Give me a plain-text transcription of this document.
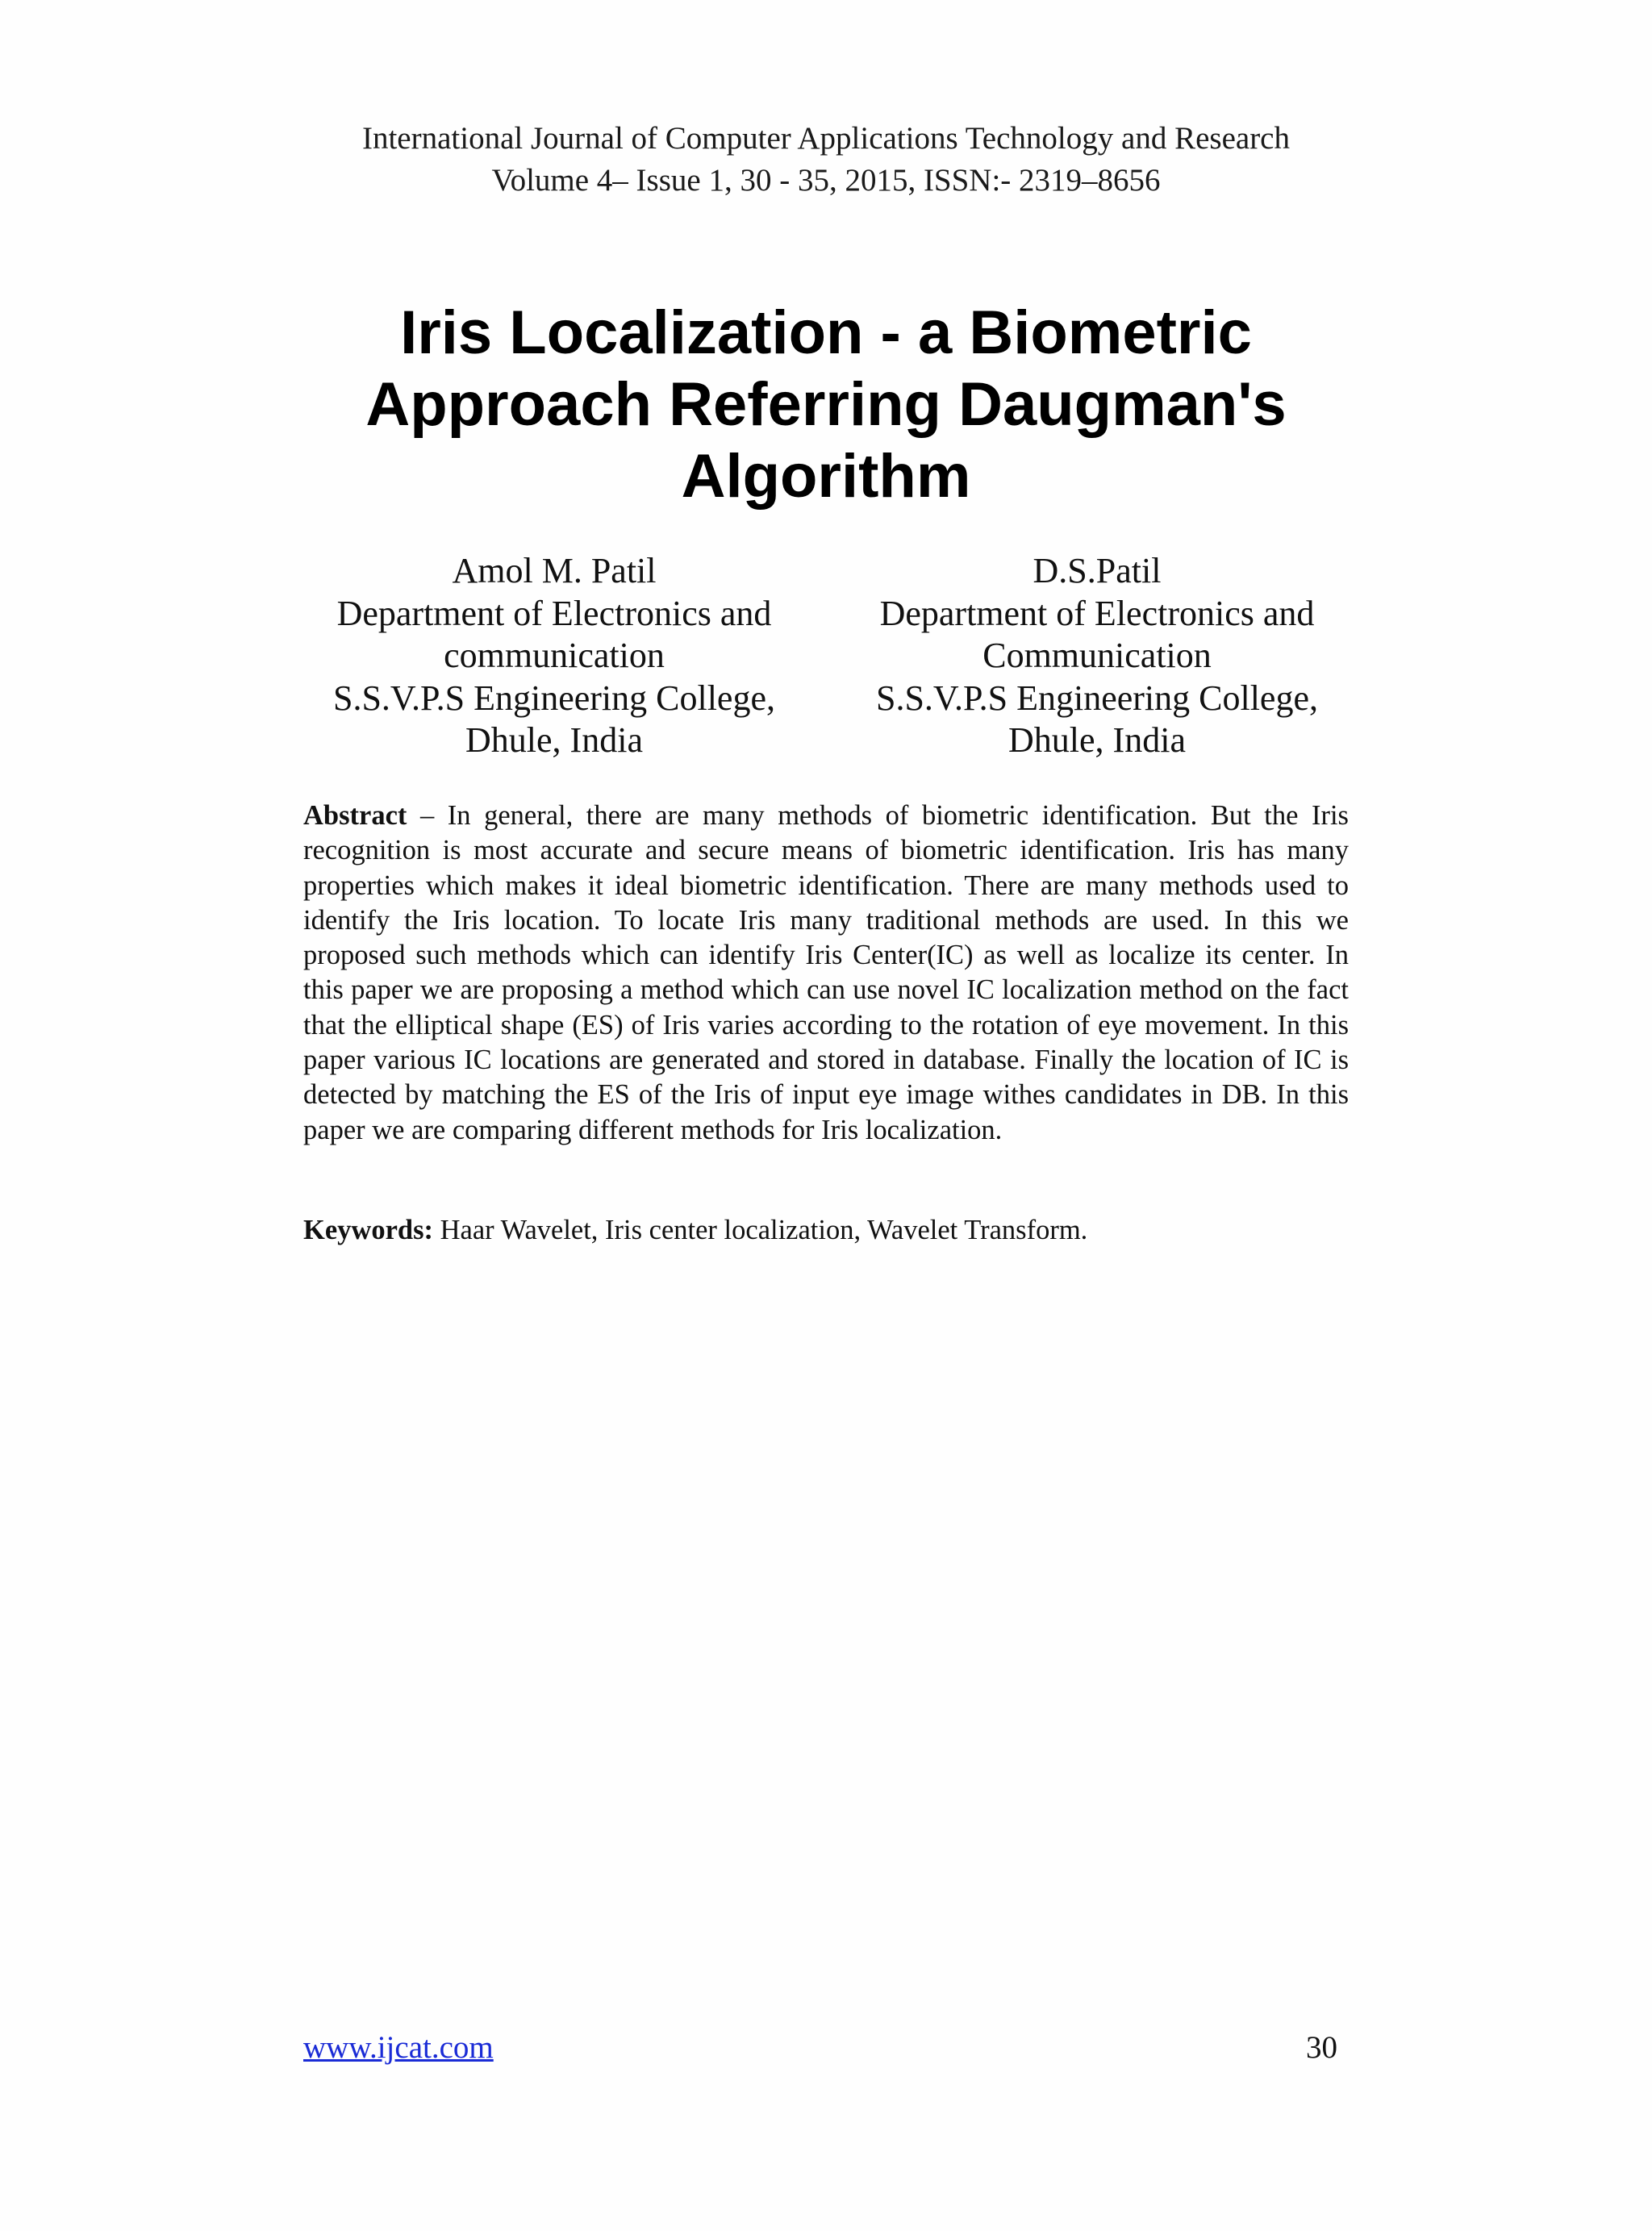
International Journal of Computer Applications Technology and Research
Volume 4– Issue 1, 30 - 35, 2015, ISSN:- 2319–8656
Iris Localization - a Biometric
Approach Referring Daugman's
Algorithm
Amol M. Patil
Department of Electronics and
communication
S.S.V.P.S Engineering College,
Dhule, India
D.S.Patil
Department of Electronics and
Communication
S.S.V.P.S Engineering College,
Dhule, India
Abstract – In general, there are many methods of biometric identification. But the Iris recognition is most accurate and secure means of biometric identification. Iris has many properties which makes it ideal biometric identification. There are many methods used to identify the Iris location. To locate Iris many traditional methods are used. In this we proposed such methods which can identify Iris Center(IC) as well as localize its center. In this paper we are proposing a method which can use novel IC localization method on the fact that the elliptical shape (ES) of Iris varies according to the rotation of eye movement. In this paper various IC locations are generated and stored in database. Finally the location of IC is detected by matching the ES of the Iris of input eye image withes candidates in DB. In this paper we are comparing different methods for Iris localization.
Keywords: Haar Wavelet, Iris center localization, Wavelet Transform.
www.ijcat.com	30
